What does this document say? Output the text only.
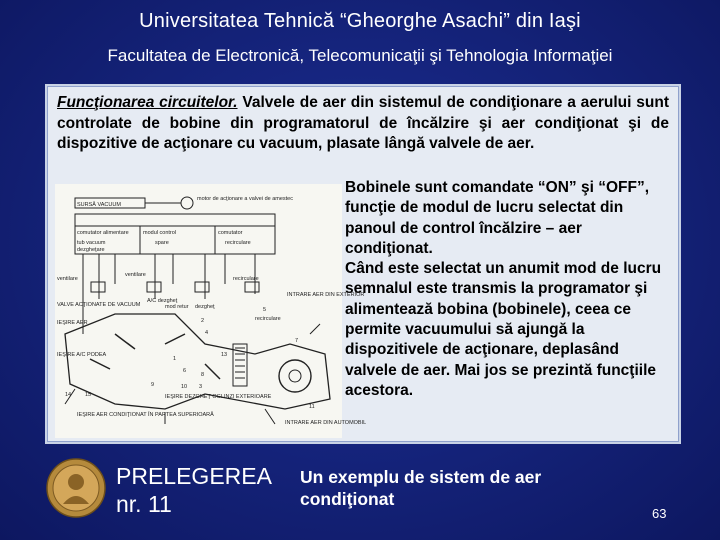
Universitatea Tehnică “Gheorghe Asachi” din Iaşi
Facultatea de Electronică, Telecomunicaţii şi Tehnologia Informaţiei
Funcţionarea circuitelor. Valvele de aer din sistemul de condiţionare a aerului sunt controlate de bobine din programatorul de încălzire şi aer condiţionat şi de dispozitive de acţionare cu vacuum, plasate lângă valvele de aer.

Bobinele sunt comandate “ON” şi “OFF”, funcţie de modul de lucru selectat din panoul de control încălzire – aer condiţionat.

Când este selectat un anumit mod de lucru semnalul este transmis la programator şi alimentează bobina (bobinele), ceea ce permite vacuumului să ajungă la dispozitivele de acţionare, deplasând valvele de aer. Mai jos se prezintă funcţiile acestora.

SURSĂ VACUUM
motor de acţionare a valvei de amestec
comutator alimentare	modul control	comutator
tub vacuum	spare	recirculare
dezgheţare
ventilare
ventilare
recirculare
VALVE ACŢIONATE DE VACUUM
IEŞIRE AER
A/C dezgheţ
mod retur dezgheţ
IEŞIRE A/C PODEA
INTRARE AER DIN EXTERIOR
IEŞIRE AER CONDIŢIONAT ÎN PARTEA SUPERIOARĂ
IEŞIRE DEZGHEŢ OGLINZI EXTERIOARE
INTRARE AER DIN AUTOMOBIL
recirculare
14	15
9
2
1
4
5
13
6
10 3
8
7
11
PRELEGEREA
nr. 11
Un exemplu de sistem de aer condiţionat
63
